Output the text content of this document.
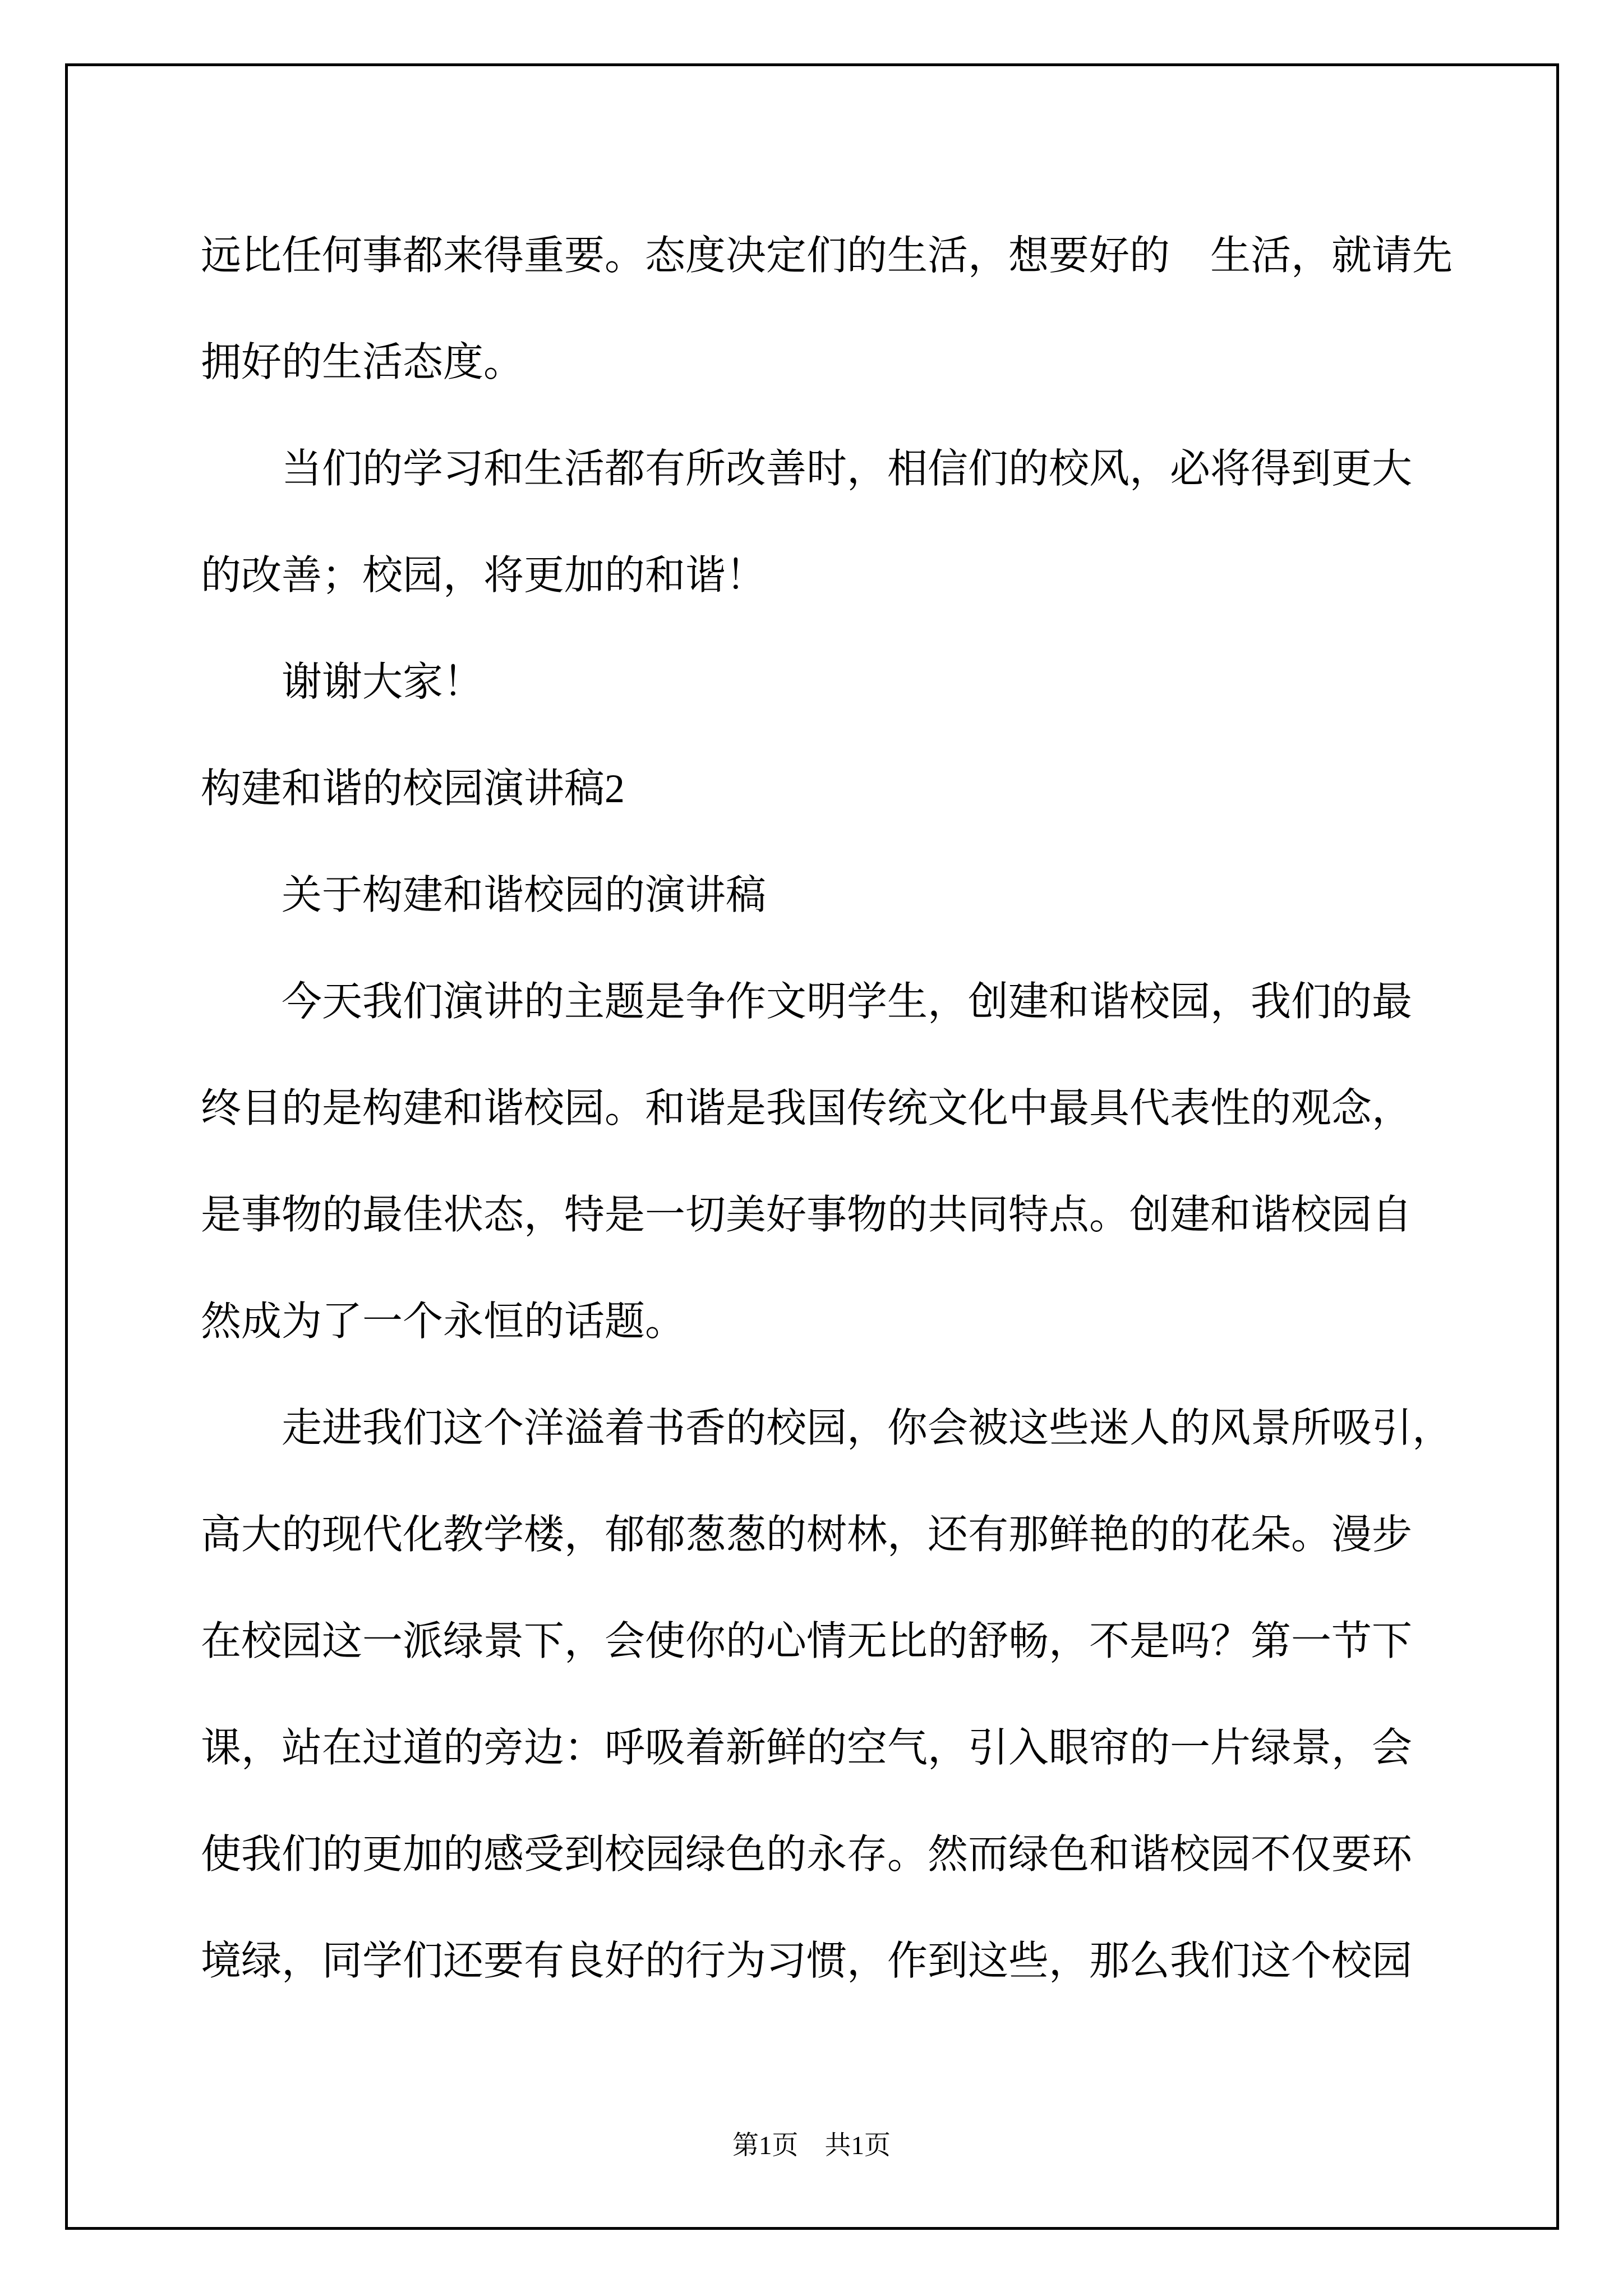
远比任何事都来得重要。态度决定们的生活，想要好的　生活，就请先
拥好的生活态度。
当们的学习和生活都有所改善时，相信们的校风，必将得到更大
的改善；校园，将更加的和谐！
谢谢大家！
构建和谐的校园演讲稿2
关于构建和谐校园的演讲稿
今天我们演讲的主题是争作文明学生，创建和谐校园，我们的最
终目的是构建和谐校园。和谐是我国传统文化中最具代表性的观念，
是事物的最佳状态，特是一切美好事物的共同特点。创建和谐校园自
然成为了一个永恒的话题。
走进我们这个洋溢着书香的校园，你会被这些迷人的风景所吸引，
高大的现代化教学楼，郁郁葱葱的树林，还有那鲜艳的的花朵。漫步
在校园这一派绿景下，会使你的心情无比的舒畅，不是吗？第一节下
课，站在过道的旁边：呼吸着新鲜的空气，引入眼帘的一片绿景，会
使我们的更加的感受到校园绿色的永存。然而绿色和谐校园不仅要环
境绿，同学们还要有良好的行为习惯，作到这些，那么我们这个校园
第1页　共1页
